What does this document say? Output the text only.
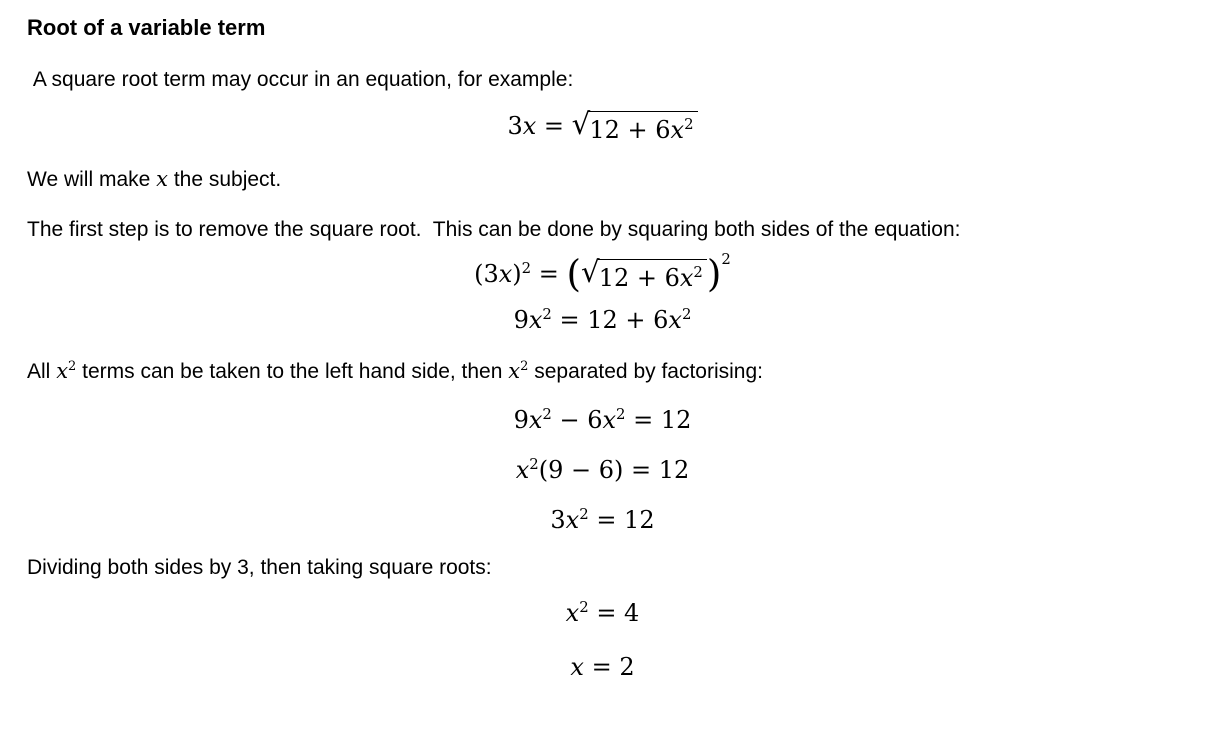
Root of a variable term

A square root term may occur in an equation, for example:

3x = √ $12 + 6x^2$

We will make x the subject.

The first step is to remove the square root.  This can be done by squaring both sides of the equation:

$(3x)^2$ = ( √ $12 + 6x^2$ )$^2$
$9x^2 = 12 + 6x^2$

All $x^2$ terms can be taken to the left hand side, then $x^2$ separated by factorising:

$9x^2 - 6x^2 = 12$
$x^2(9 - 6) = 12$
$3x^2 = 12$

Dividing both sides by 3, then taking square roots:

$x^2 = 4$
x = 2
